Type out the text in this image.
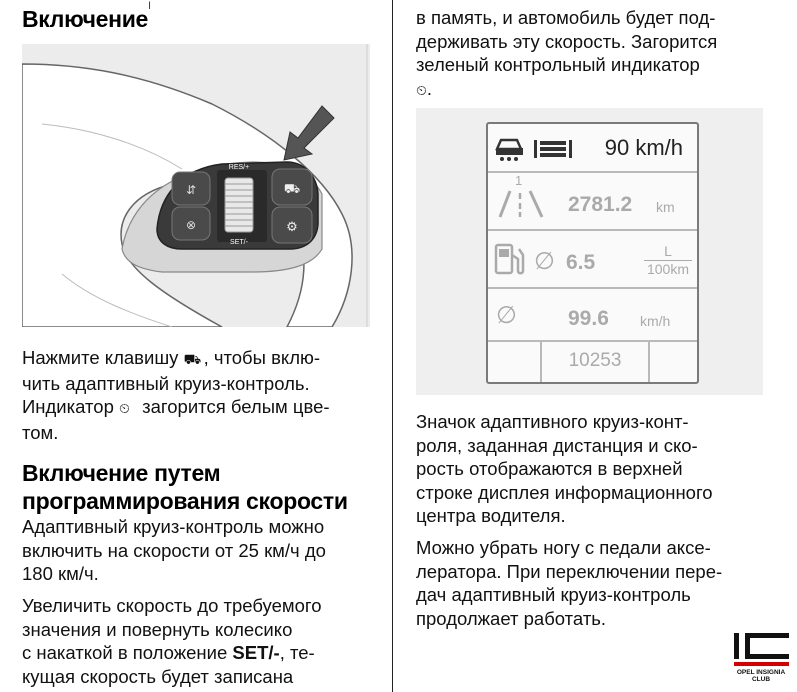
Включение I
⇵
⊗
RES/+
SET/-
⛟
⚙
Нажмите клавишу ⛟ , чтобы вклю-
чить адаптивный круиз-контроль.
Индикатор ⏲ загорится белым цве-
том.
Включение путем
программирования скорости
Адаптивный круиз-контроль можно
включить на скорости от 25 км/ч до
180 км/ч.
Увеличить скорость до требуемого
значения и повернуть колесико
с накаткой в положение SET/-, те-
кущая скорость будет записана
в память, и автомобиль будет под-
держивать эту скорость. Загорится
зеленый контрольный индикатор
⏲.
90 km/h
1
2781.2 km
∅ 6.5	L
100km
∅ 99.6 km/h
10253
Значок адаптивного круиз-конт-
роля, заданная дистанция и ско-
рость отображаются в верхней
строке дисплея информационного
центра водителя.
Можно убрать ногу с педали аксе-
лератора. При переключении пере-
дач адаптивный круиз-контроль
продолжает работать.
OPEL INSIGNIA
CLUB
